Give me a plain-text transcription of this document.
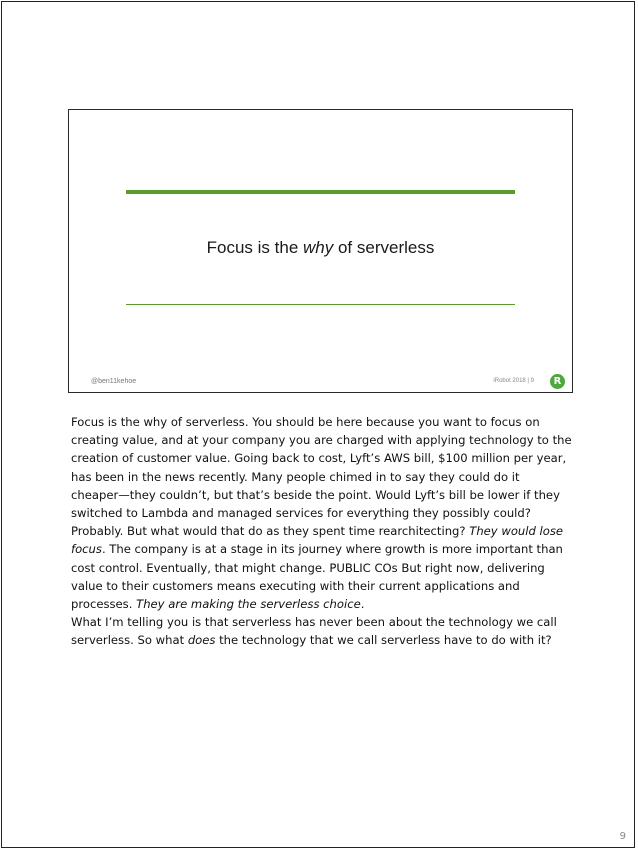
Focus is the why of serverless
@ben11kehoe	iRobot 2018 | 9	R
Focus is the why of serverless. You should be here because you want to focus on
creating value, and at your company you are charged with applying technology to the
creation of customer value. Going back to cost, Lyft’s AWS bill, $100 million per year,
has been in the news recently. Many people chimed in to say they could do it
cheaper—they couldn’t, but that’s beside the point. Would Lyft’s bill be lower if they
switched to Lambda and managed services for everything they possibly could?
Probably. But what would that do as they spent time rearchitecting? They would lose
focus. The company is at a stage in its journey where growth is more important than
cost control. Eventually, that might change. PUBLIC COs But right now, delivering
value to their customers means executing with their current applications and
processes. They are making the serverless choice.
What I’m telling you is that serverless has never been about the technology we call
serverless. So what does the technology that we call serverless have to do with it?
9
